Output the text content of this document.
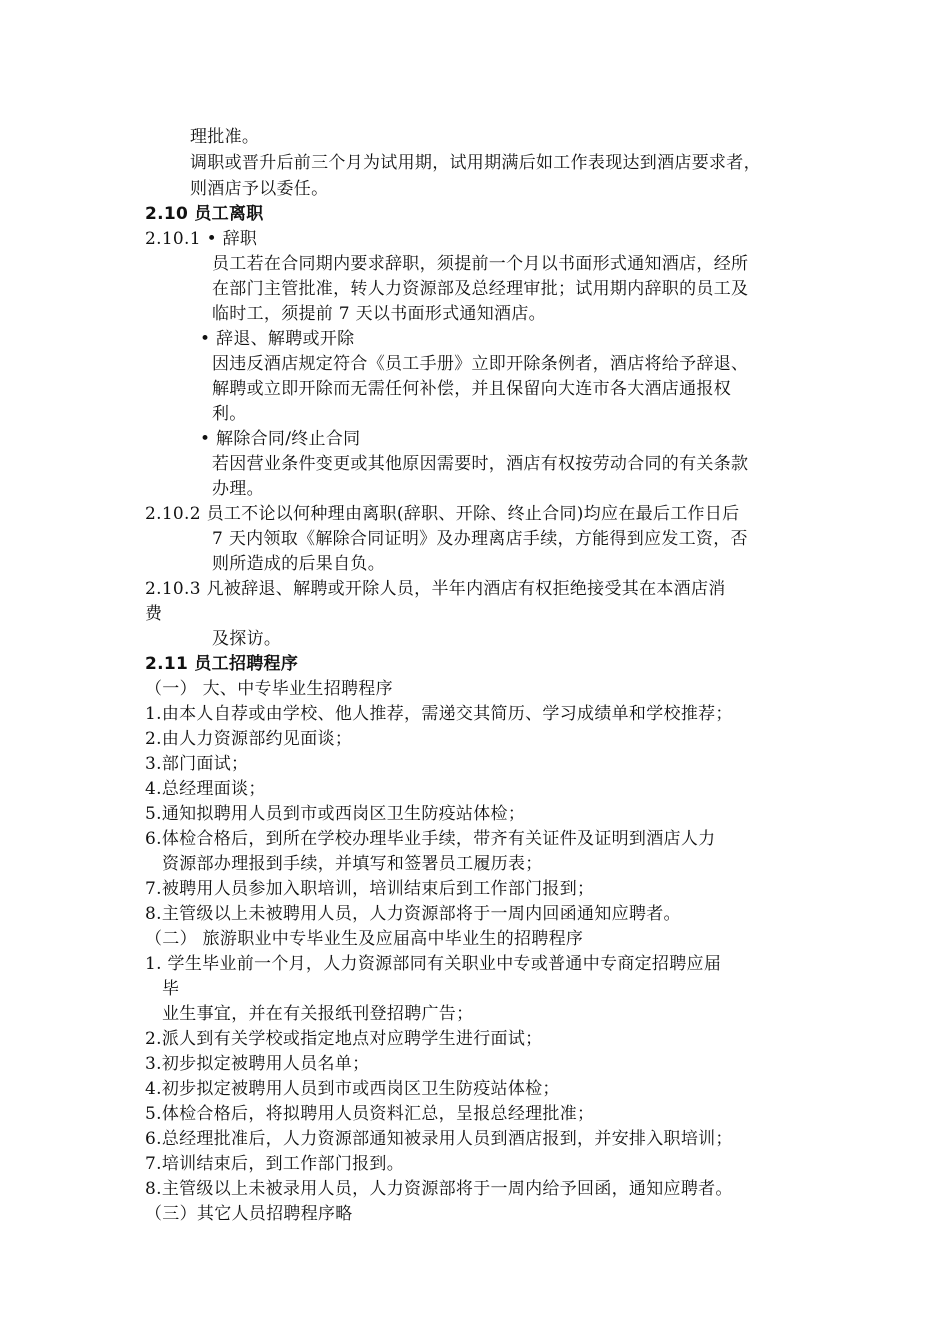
理批准。
调职或晋升后前三个月为试用期，试用期满后如工作表现达到酒店要求者，
则酒店予以委任。
2.10 员工离职
2.10.1 • 辞职
员工若在合同期内要求辞职，须提前一个月以书面形式通知酒店，经所
在部门主管批准，转人力资源部及总经理审批；试用期内辞职的员工及
临时工，须提前 7 天以书面形式通知酒店。
• 辞退、解聘或开除
因违反酒店规定符合《员工手册》立即开除条例者，酒店将给予辞退、
解聘或立即开除而无需任何补偿，并且保留向大连市各大酒店通报权
利。
• 解除合同/终止合同
若因营业条件变更或其他原因需要时，酒店有权按劳动合同的有关条款
办理。
2.10.2 员工不论以何种理由离职(辞职、开除、终止合同)均应在最后工作日后
7 天内领取《解除合同证明》及办理离店手续，方能得到应发工资，否
则所造成的后果自负。
2.10.3 凡被辞退、解聘或开除人员，半年内酒店有权拒绝接受其在本酒店消
费
及探访。
2.11 员工招聘程序
（一） 大、中专毕业生招聘程序
1.由本人自荐或由学校、他人推荐，需递交其简历、学习成绩单和学校推荐；
2.由人力资源部约见面谈；
3.部门面试；
4.总经理面谈；
5.通知拟聘用人员到市或西岗区卫生防疫站体检；
6.体检合格后，到所在学校办理毕业手续，带齐有关证件及证明到酒店人力
资源部办理报到手续，并填写和签署员工履历表；
7.被聘用人员参加入职培训，培训结束后到工作部门报到；
8.主管级以上未被聘用人员，人力资源部将于一周内回函通知应聘者。
（二） 旅游职业中专毕业生及应届高中毕业生的招聘程序
1. 学生毕业前一个月，人力资源部同有关职业中专或普通中专商定招聘应届
毕
业生事宜，并在有关报纸刊登招聘广告；
2.派人到有关学校或指定地点对应聘学生进行面试；
3.初步拟定被聘用人员名单；
4.初步拟定被聘用人员到市或西岗区卫生防疫站体检；
5.体检合格后，将拟聘用人员资料汇总，呈报总经理批准；
6.总经理批准后，人力资源部通知被录用人员到酒店报到，并安排入职培训；
7.培训结束后，到工作部门报到。
8.主管级以上未被录用人员，人力资源部将于一周内给予回函，通知应聘者。
（三）其它人员招聘程序略
